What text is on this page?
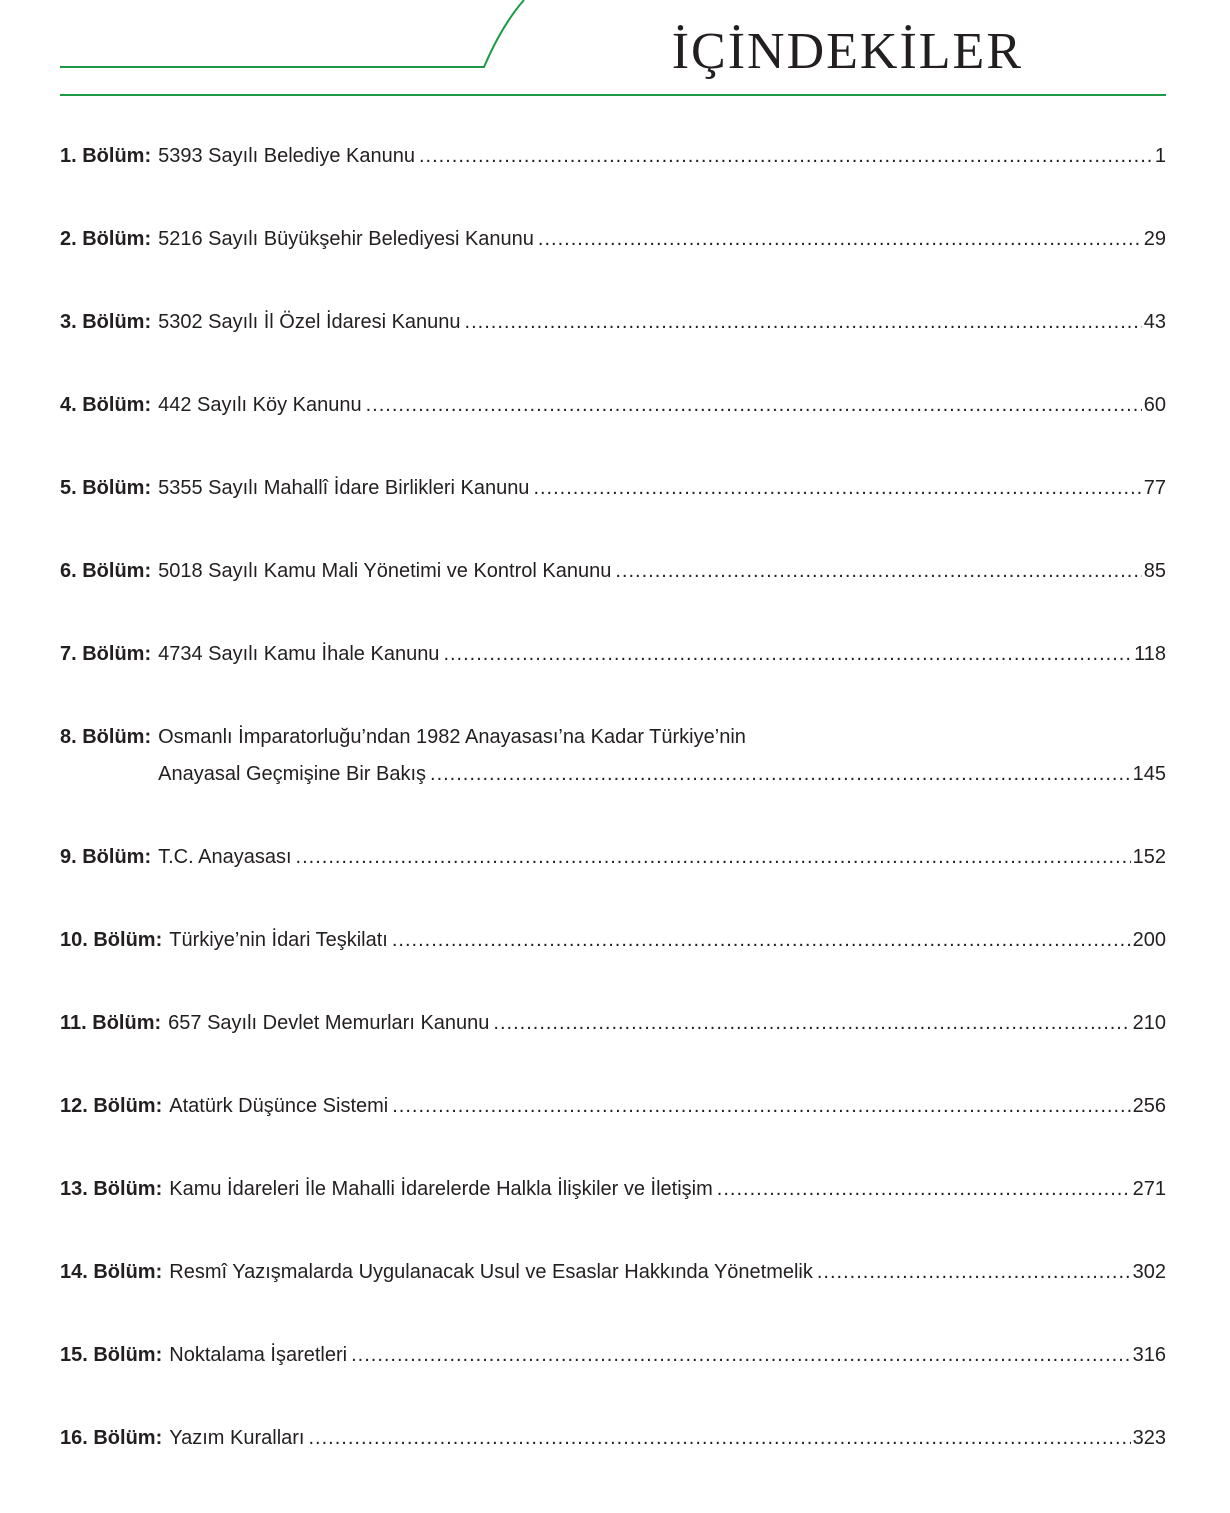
İÇİNDEKİLER
1. Bölüm: 5393 Sayılı Belediye Kanunu .....	1
2. Bölüm: 5216 Sayılı Büyükşehir Belediyesi Kanunu .....	29
3. Bölüm: 5302 Sayılı İl Özel İdaresi Kanunu .....	43
4. Bölüm: 442 Sayılı Köy Kanunu .....	60
5. Bölüm: 5355 Sayılı Mahallî İdare Birlikleri Kanunu .....	77
6. Bölüm: 5018 Sayılı Kamu Mali Yönetimi ve Kontrol Kanunu .....	85
7. Bölüm: 4734 Sayılı Kamu İhale Kanunu .....	118
8. Bölüm: Osmanlı İmparatorluğu’ndan 1982 Anayasası’na Kadar Türkiye’nin
Anayasal Geçmişine Bir Bakış .....	145
9. Bölüm: T.C. Anayasası .....	152
10. Bölüm: Türkiye’nin İdari Teşkilatı .....	200
11. Bölüm: 657 Sayılı Devlet Memurları Kanunu .....	210
12. Bölüm: Atatürk Düşünce Sistemi .....	256
13. Bölüm: Kamu İdareleri İle Mahalli İdarelerde Halkla İlişkiler ve İletişim .....	271
14. Bölüm: Resmî Yazışmalarda Uygulanacak Usul ve Esaslar Hakkında Yönetmelik .....	302
15. Bölüm: Noktalama İşaretleri .....	316
16. Bölüm: Yazım Kuralları .....	323
